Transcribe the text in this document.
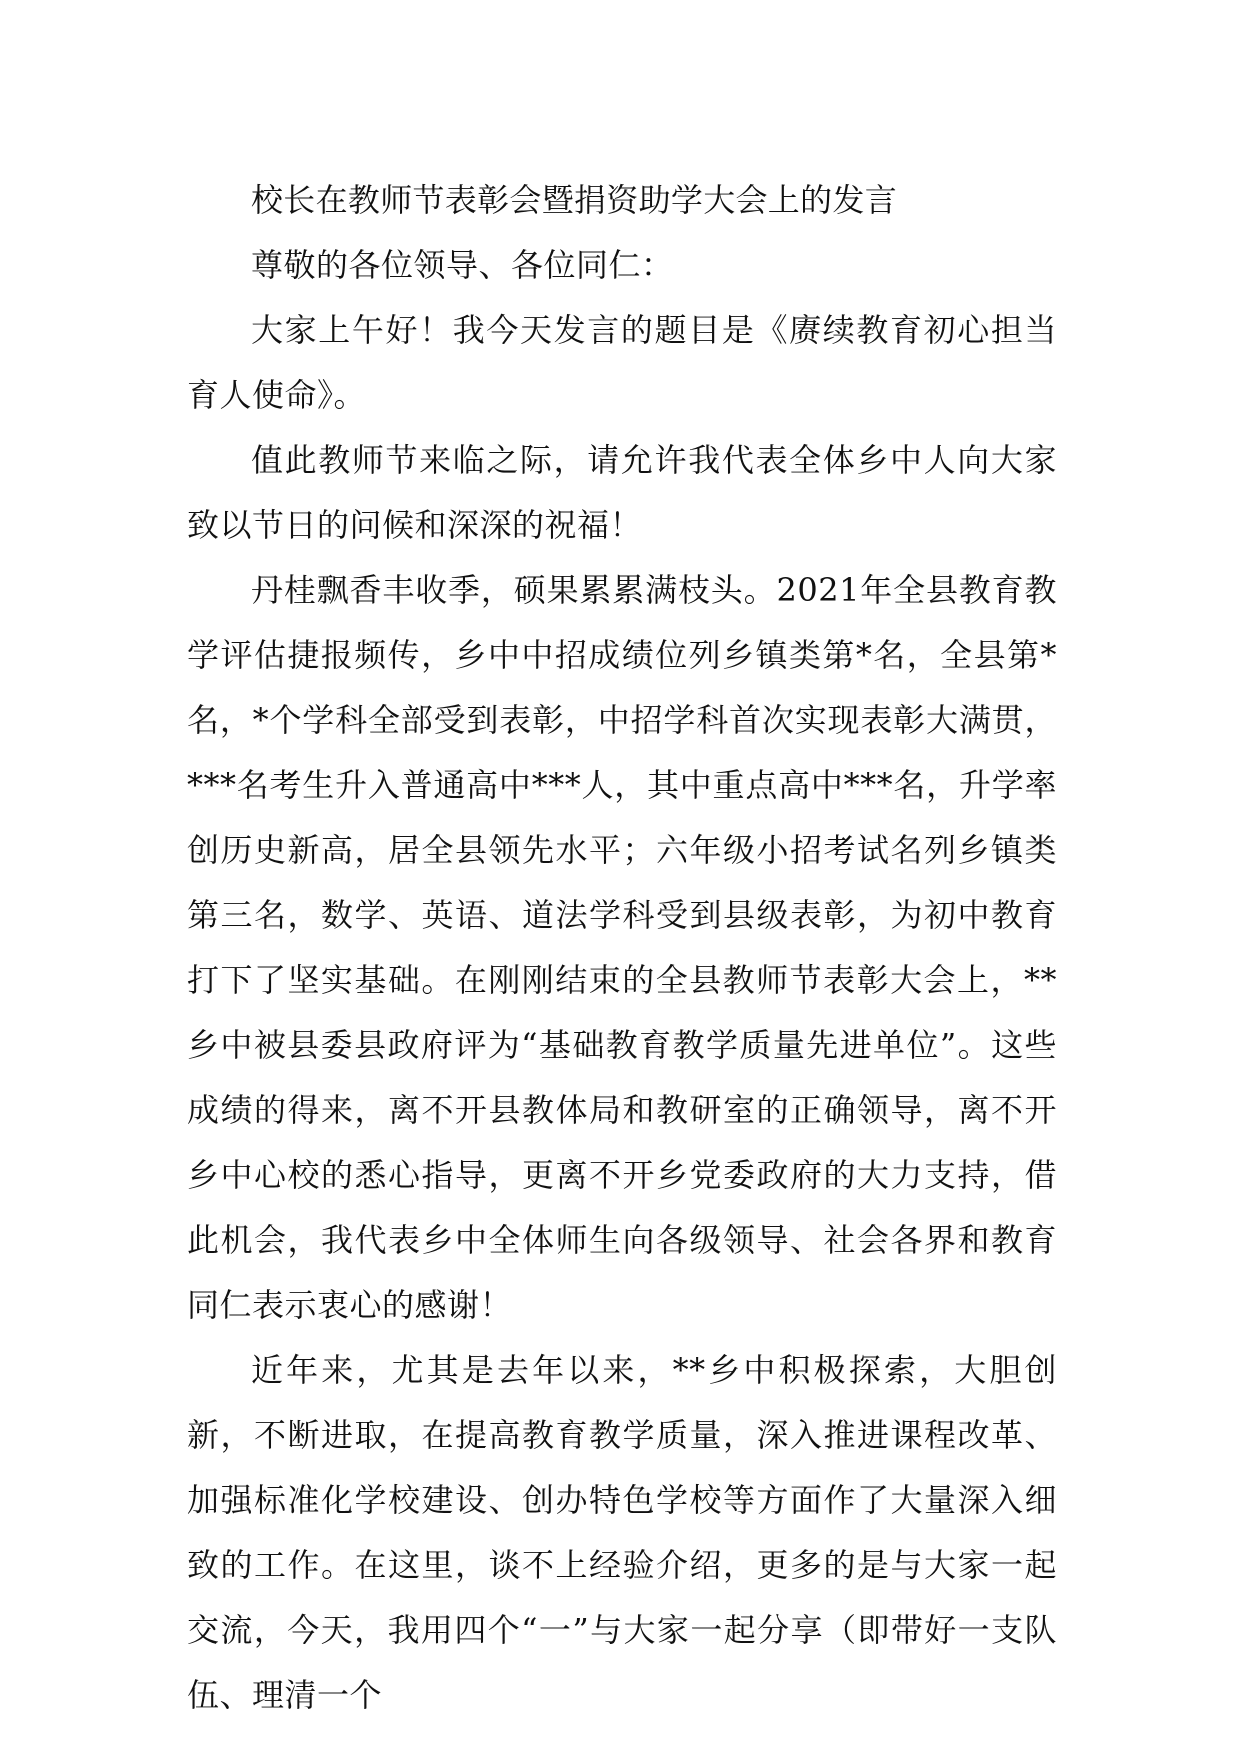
校长在教师节表彰会暨捐资助学大会上的发言

尊敬的各位领导、各位同仁：

大家上午好！我今天发言的题目是《赓续教育初心担当育人使命》。

值此教师节来临之际，请允许我代表全体乡中人向大家致以节日的问候和深深的祝福！

丹桂飘香丰收季，硕果累累满枝头。2021年全县教育教学评估捷报频传，乡中中招成绩位列乡镇类第*名，全县第*名，*个学科全部受到表彰，中招学科首次实现表彰大满贯，***名考生升入普通高中***人，其中重点高中***名，升学率创历史新高，居全县领先水平；六年级小招考试名列乡镇类第三名，数学、英语、道法学科受到县级表彰，为初中教育打下了坚实基础。在刚刚结束的全县教师节表彰大会上，**乡中被县委县政府评为“基础教育教学质量先进单位”。这些成绩的得来，离不开县教体局和教研室的正确领导，离不开乡中心校的悉心指导，更离不开乡党委政府的大力支持，借此机会，我代表乡中全体师生向各级领导、社会各界和教育同仁表示衷心的感谢！

近年来，尤其是去年以来，**乡中积极探索，大胆创新，不断进取，在提高教育教学质量，深入推进课程改革、加强标准化学校建设、创办特色学校等方面作了大量深入细致的工作。在这里，谈不上经验介绍，更多的是与大家一起交流，今天，我用四个“一”与大家一起分享（即带好一支队伍、理清一个
